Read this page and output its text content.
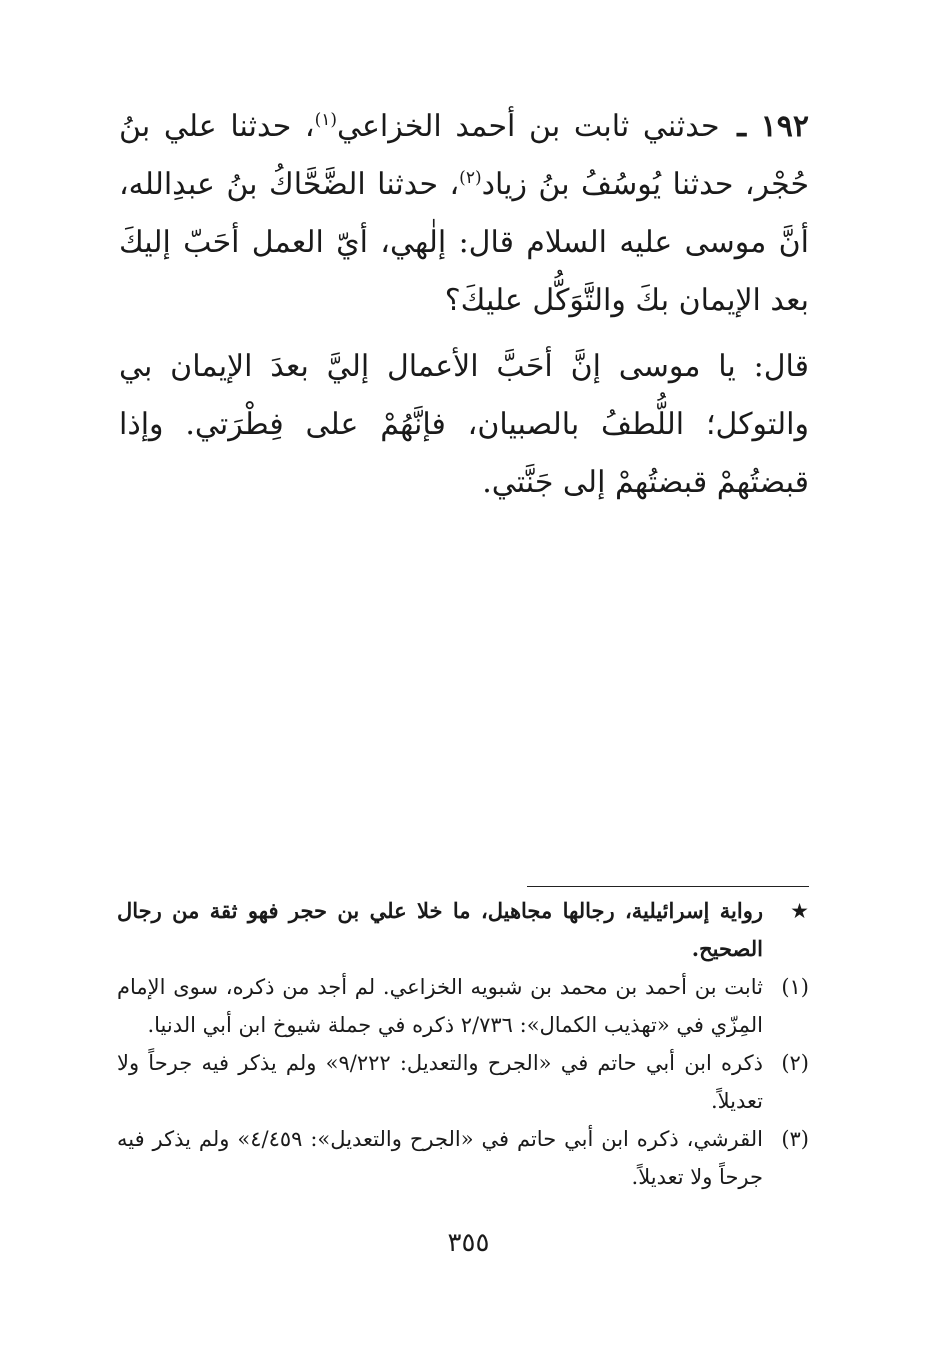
١٩٢ ـ حدثني ثابت بن أحمد الخزاعي$^{(١)}$، حدثنا علي بنُ حُجْر، حدثنا يُوسُفُ بنُ زياد$^{(٢)}$، حدثنا الضَّحَّاكُ بنُ عبدِالله، أنَّ موسى عليه السلام قال: إلٰهي، أيّ العمل أحَبّ إليكَ بعد الإيمان بكَ والتَّوَكُّل عليكَ؟

قال: يا موسى إنَّ أحَبَّ الأعمال إليَّ بعدَ الإيمان بي والتوكل؛ اللُّطفُ بالصبيان، فإنَّهُمْ على فِطْرَتي. وإذا قبضتُهمْ قبضتُهمْ إلى جَنَّتي.

★
رواية إسرائيلية، رجالها مجاهيل، ما خلا علي بن حجر فهو ثقة من رجال الصحيح.
(١)
ثابت بن أحمد بن محمد بن شبويه الخزاعي. لم أجد من ذكره، سوى الإمام المِزّي في «تهذيب الكمال»: ٢/٧٣٦ ذكره في جملة شيوخ ابن أبي الدنيا.
(٢)
ذكره ابن أبي حاتم في «الجرح والتعديل: ٩/٢٢٢» ولم يذكر فيه جرحاً ولا تعديلاً.
(٣)
القرشي، ذكره ابن أبي حاتم في «الجرح والتعديل»: ٤/٤٥٩» ولم يذكر فيه جرحاً ولا تعديلاً.
٣٥٥
